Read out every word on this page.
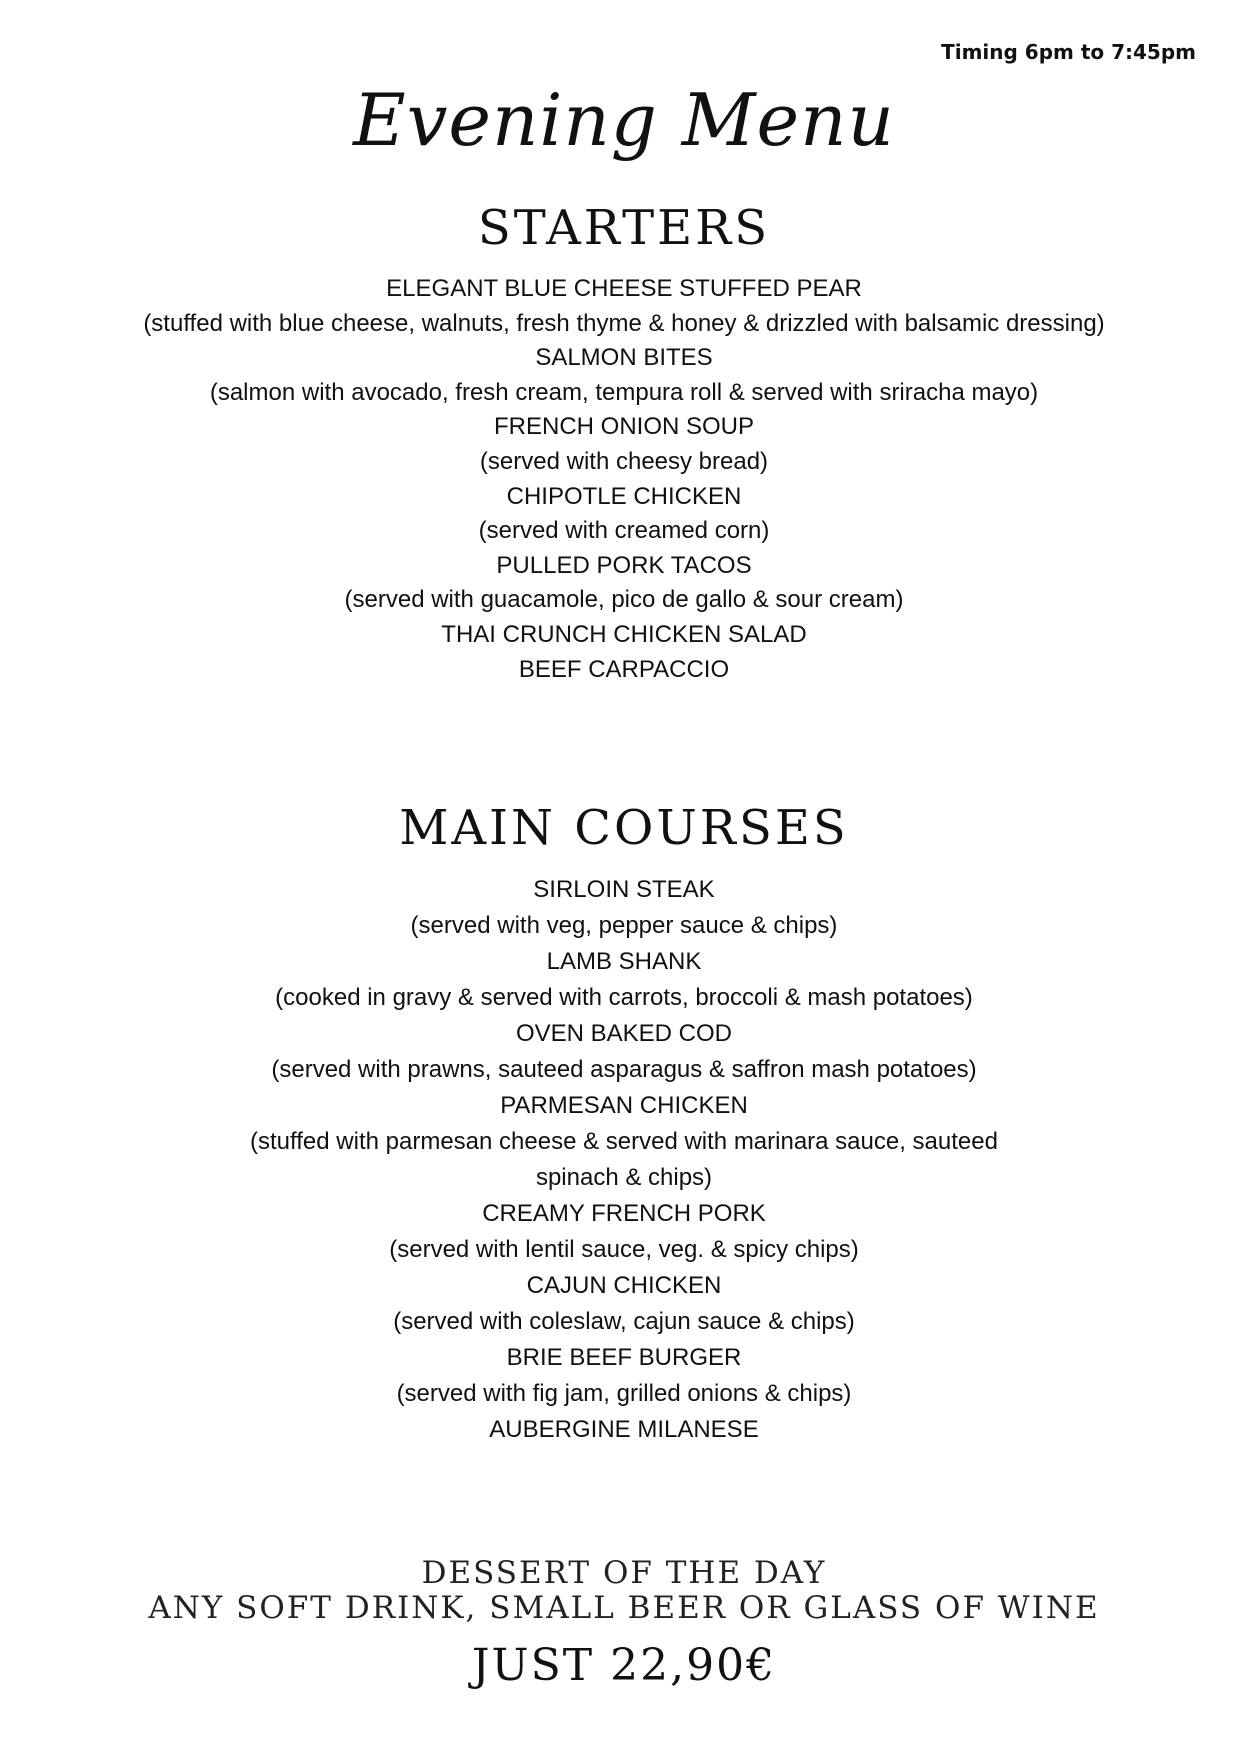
Timing 6pm to 7:45pm
Evening Menu
STARTERS
ELEGANT BLUE CHEESE STUFFED PEAR
(stuffed with blue cheese, walnuts, fresh thyme & honey & drizzled with balsamic dressing)
SALMON BITES
(salmon with avocado, fresh cream, tempura roll & served with sriracha mayo)
FRENCH ONION SOUP
(served with cheesy bread)
CHIPOTLE CHICKEN
(served with creamed corn)
PULLED PORK TACOS
(served with guacamole, pico de gallo & sour cream)
THAI CRUNCH CHICKEN SALAD
BEEF CARPACCIO
MAIN COURSES
SIRLOIN STEAK
(served with veg, pepper sauce & chips)
LAMB SHANK
(cooked in gravy & served with carrots, broccoli & mash potatoes)
OVEN BAKED COD
(served with prawns, sauteed asparagus & saffron mash potatoes)
PARMESAN CHICKEN
(stuffed with parmesan cheese & served with marinara sauce, sauteed
spinach & chips)
CREAMY FRENCH PORK
(served with lentil sauce, veg. & spicy chips)
CAJUN CHICKEN
(served with coleslaw, cajun sauce & chips)
BRIE BEEF BURGER
(served with fig jam, grilled onions & chips)
AUBERGINE MILANESE
DESSERT OF THE DAY
ANY SOFT DRINK, SMALL BEER OR GLASS OF WINE
JUST 22,90€
